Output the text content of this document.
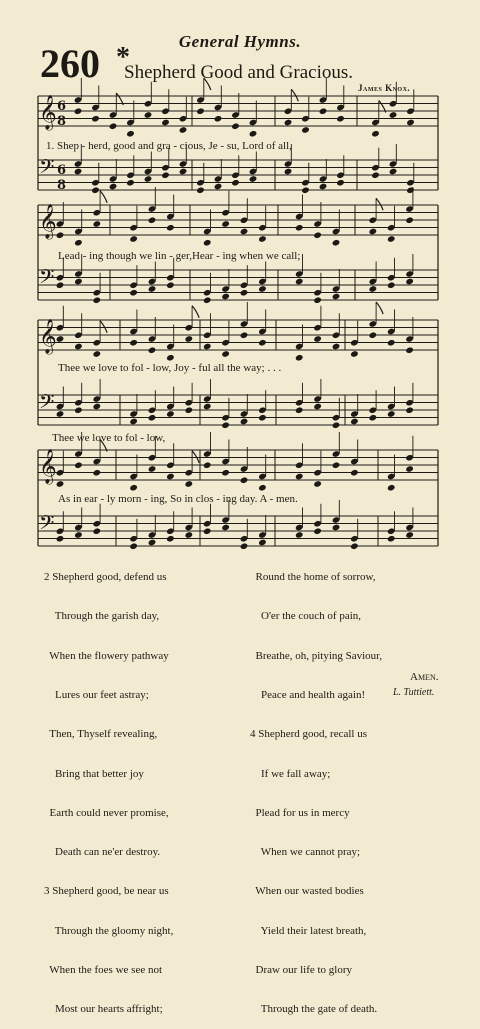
𝄞 6
8
𝄢 6
8
𝄞
𝄢
𝄞
𝄢
𝄞
𝄢
General Hymns.
260 *
Shepherd Good and Gracious.
James Knox.
1. Shep - herd, good and gra - cious, Je - su, Lord of all,
Lead - ing though we lin - ger,Hear - ing when we call;
Thee we love to fol - low, Joy - ful all the way; . . .
Thee we love to fol - low,
As in ear - ly morn - ing, So in clos - ing day. A - men.

2 Shepherd good, defend us

Through the garish day,

When the flowery pathway

Lures our feet astray;

Then, Thyself revealing,

Bring that better joy

Earth could never promise,

Death can ne'er destroy.

3 Shepherd good, be near us

Through the gloomy night,

When the foes we see not

Most our hearts affright;

Round the home of sorrow,

O'er the couch of pain,

Breathe, oh, pitying Saviour,

Peace and health again!

4 Shepherd good, recall us

If we fall away;

Plead for us in mercy

When we cannot pray;

When our wasted bodies

Yield their latest breath,

Draw our life to glory

Through the gate of death.

Amen.
L. Tuttiett.
